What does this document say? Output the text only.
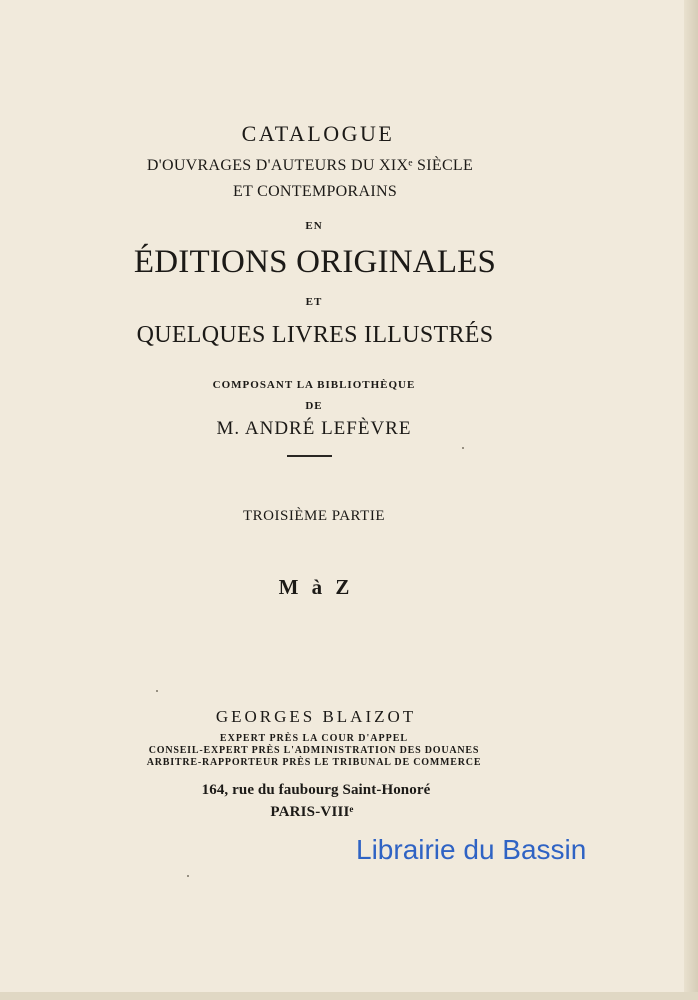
CATALOGUE
D'OUVRAGES D'AUTEURS DU XIXᵉ SIÈCLE
ET CONTEMPORAINS
EN
ÉDITIONS ORIGINALES
ET
QUELQUES LIVRES ILLUSTRÉS
COMPOSANT LA BIBLIOTHÈQUE
DE
M. ANDRÉ LEFÈVRE
TROISIÈME PARTIE
M à Z
GEORGES BLAIZOT
EXPERT PRÈS LA COUR D'APPEL
CONSEIL-EXPERT PRÈS L'ADMINISTRATION DES DOUANES
ARBITRE-RAPPORTEUR PRÈS LE TRIBUNAL DE COMMERCE
164, rue du faubourg Saint-Honoré
PARIS-VIIIᵉ
Librairie du Bassin
